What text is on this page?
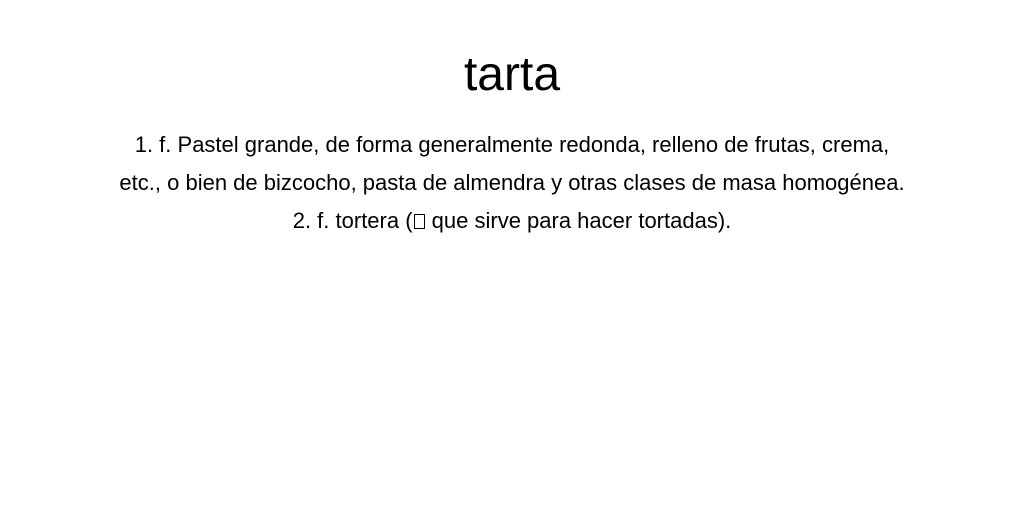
tarta
1. f. Pastel grande, de forma generalmente redonda, relleno de frutas, crema,
etc., o bien de bizcocho, pasta de almendra y otras clases de masa homogénea.
2. f. tortera ( que sirve para hacer tortadas).
